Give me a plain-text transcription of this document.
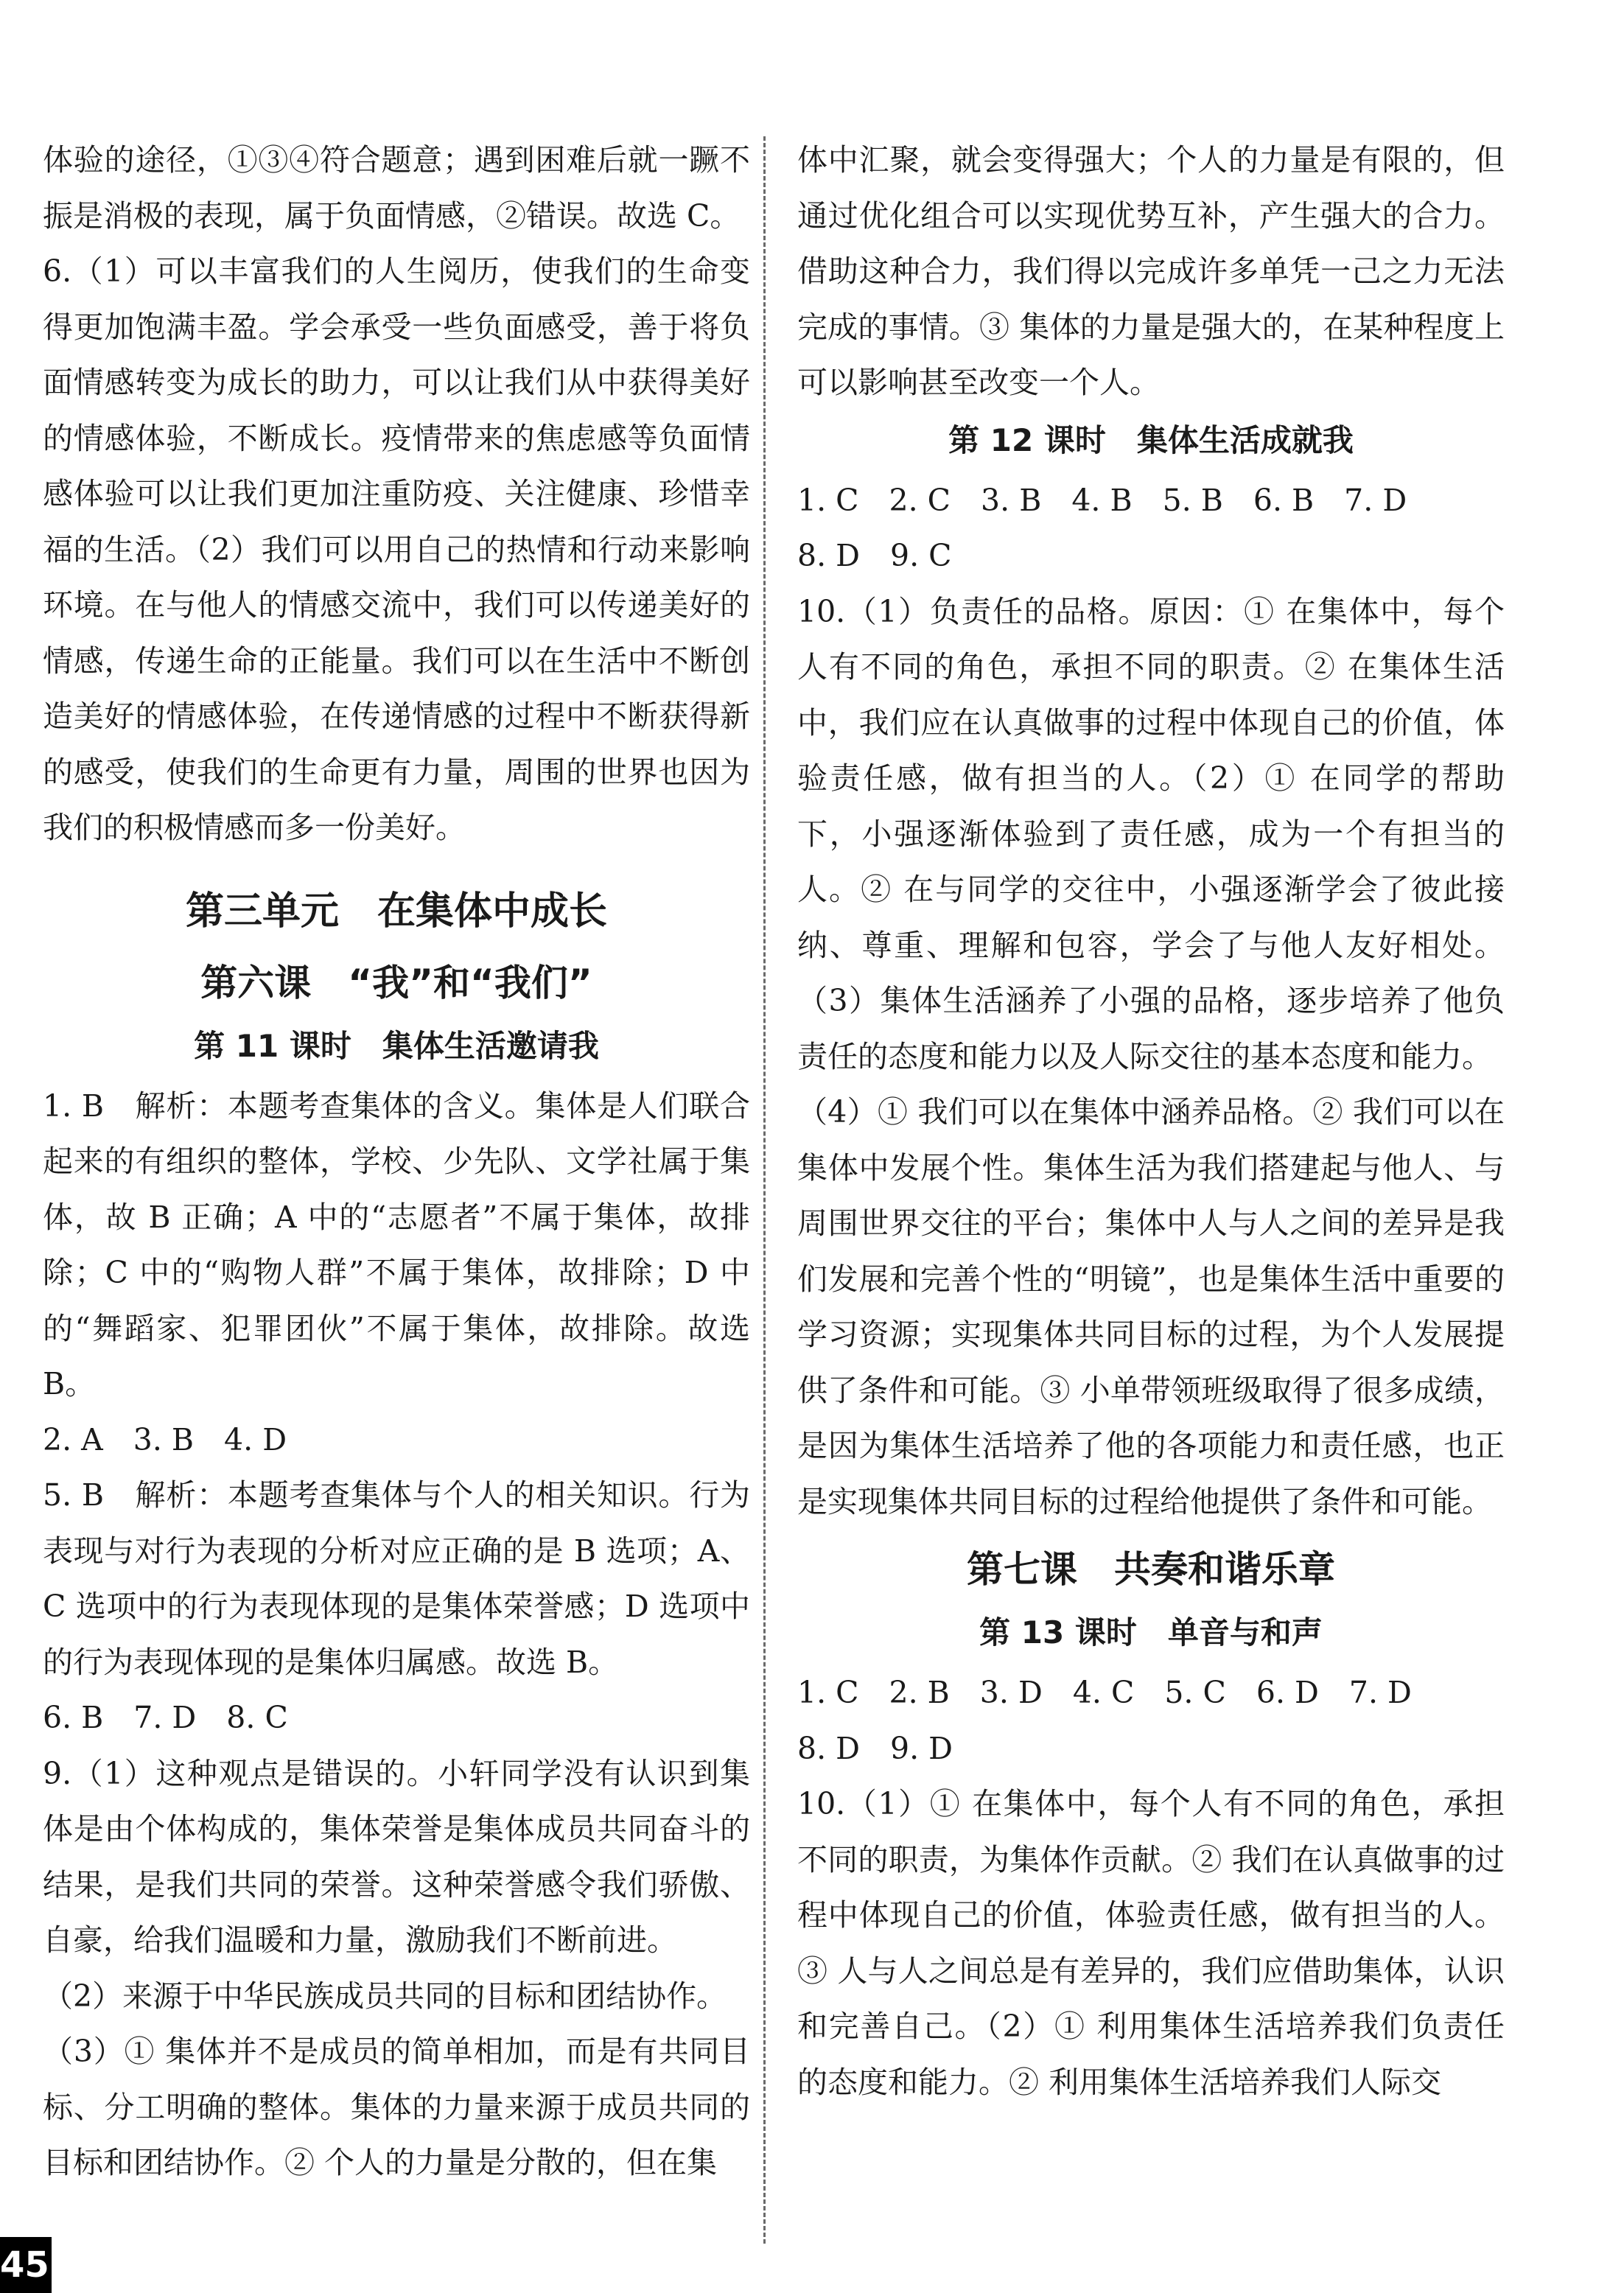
体验的途径，①③④符合题意；遇到困难后就一蹶不振是消极的表现，属于负面情感，②错误。故选 C。

6.（1）可以丰富我们的人生阅历，使我们的生命变得更加饱满丰盈。学会承受一些负面感受，善于将负面情感转变为成长的助力，可以让我们从中获得美好的情感体验，不断成长。疫情带来的焦虑感等负面情感体验可以让我们更加注重防疫、关注健康、珍惜幸福的生活。（2）我们可以用自己的热情和行动来影响环境。在与他人的情感交流中，我们可以传递美好的情感，传递生命的正能量。我们可以在生活中不断创造美好的情感体验，在传递情感的过程中不断获得新的感受，使我们的生命更有力量，周围的世界也因为我们的积极情感而多一份美好。

第三单元　在集体中成长
第六课　“我”和“我们”
第 11 课时　集体生活邀请我

1. B　解析：本题考查集体的含义。集体是人们联合起来的有组织的整体，学校、少先队、文学社属于集体，故 B 正确；A 中的“志愿者”不属于集体，故排除；C 中的“购物人群”不属于集体，故排除；D 中的“舞蹈家、犯罪团伙”不属于集体，故排除。故选 B。

2. A　3. B　4. D

5. B　解析：本题考查集体与个人的相关知识。行为表现与对行为表现的分析对应正确的是 B 选项；A、C 选项中的行为表现体现的是集体荣誉感；D 选项中的行为表现体现的是集体归属感。故选 B。

6. B　7. D　8. C

9.（1）这种观点是错误的。小轩同学没有认识到集体是由个体构成的，集体荣誉是集体成员共同奋斗的结果，是我们共同的荣誉。这种荣誉感令我们骄傲、自豪，给我们温暖和力量，激励我们不断前进。

（2）来源于中华民族成员共同的目标和团结协作。

（3）① 集体并不是成员的简单相加，而是有共同目标、分工明确的整体。集体的力量来源于成员共同的目标和团结协作。② 个人的力量是分散的，但在集

体中汇聚，就会变得强大；个人的力量是有限的，但通过优化组合可以实现优势互补，产生强大的合力。借助这种合力，我们得以完成许多单凭一己之力无法完成的事情。③ 集体的力量是强大的，在某种程度上可以影响甚至改变一个人。

第 12 课时　集体生活成就我

1. C　2. C　3. B　4. B　5. B　6. B　7. D

8. D　9. C

10.（1）负责任的品格。原因：① 在集体中，每个人有不同的角色，承担不同的职责。② 在集体生活中，我们应在认真做事的过程中体现自己的价值，体验责任感，做有担当的人。（2）① 在同学的帮助下，小强逐渐体验到了责任感，成为一个有担当的人。② 在与同学的交往中，小强逐渐学会了彼此接纳、尊重、理解和包容，学会了与他人友好相处。（3）集体生活涵养了小强的品格，逐步培养了他负责任的态度和能力以及人际交往的基本态度和能力。

（4）① 我们可以在集体中涵养品格。② 我们可以在集体中发展个性。集体生活为我们搭建起与他人、与周围世界交往的平台；集体中人与人之间的差异是我们发展和完善个性的“明镜”，也是集体生活中重要的学习资源；实现集体共同目标的过程，为个人发展提供了条件和可能。③ 小单带领班级取得了很多成绩，是因为集体生活培养了他的各项能力和责任感，也正是实现集体共同目标的过程给他提供了条件和可能。

第七课　共奏和谐乐章
第 13 课时　单音与和声

1. C　2. B　3. D　4. C　5. C　6. D　7. D

8. D　9. D

10.（1）① 在集体中，每个人有不同的角色，承担不同的职责，为集体作贡献。② 我们在认真做事的过程中体现自己的价值，体验责任感，做有担当的人。③ 人与人之间总是有差异的，我们应借助集体，认识和完善自己。（2）① 利用集体生活培养我们负责任的态度和能力。② 利用集体生活培养我们人际交

45
